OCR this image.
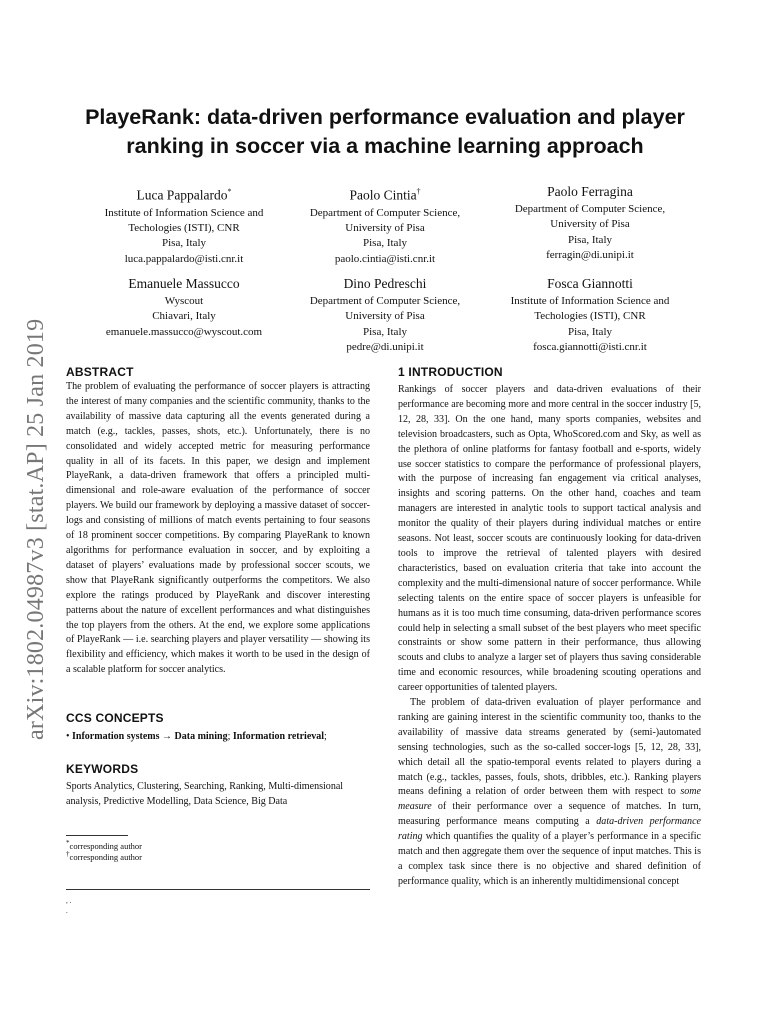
arXiv:1802.04987v3 [stat.AP] 25 Jan 2019
PlayeRank: data-driven performance evaluation and player
ranking in soccer via a machine learning approach
Luca Pappalardo*
Institute of Information Science and
Techologies (ISTI), CNR
Pisa, Italy
luca.pappalardo@isti.cnr.it
Paolo Cintia†
Department of Computer Science,
University of Pisa
Pisa, Italy
paolo.cintia@isti.cnr.it
Paolo Ferragina
Department of Computer Science,
University of Pisa
Pisa, Italy
ferragin@di.unipi.it
Emanuele Massucco
Wyscout
Chiavari, Italy
emanuele.massucco@wyscout.com
Dino Pedreschi
Department of Computer Science,
University of Pisa
Pisa, Italy
pedre@di.unipi.it
Fosca Giannotti
Institute of Information Science and
Techologies (ISTI), CNR
Pisa, Italy
fosca.giannotti@isti.cnr.it
ABSTRACT

The problem of evaluating the performance of soccer players is attracting the interest of many companies and the scientific community, thanks to the availability of massive data capturing all the events generated during a match (e.g., tackles, passes, shots, etc.). Unfortunately, there is no consolidated and widely accepted metric for measuring performance quality in all of its facets. In this paper, we design and implement PlayeRank, a data-driven framework that offers a principled multi-dimensional and role-aware evaluation of the performance of soccer players. We build our framework by deploying a massive dataset of soccer-logs and consisting of millions of match events pertaining to four seasons of 18 prominent soccer competitions. By comparing PlayeRank to known algorithms for performance evaluation in soccer, and by exploiting a dataset of players’ evaluations made by professional soccer scouts, we show that PlayeRank significantly outperforms the competitors. We also explore the ratings produced by PlayeRank and discover interesting patterns about the nature of excellent performances and what distinguishes the top players from the others. At the end, we explore some applications of PlayeRank — i.e. searching players and player versatility — showing its flexibility and efficiency, which makes it worth to be used in the design of a scalable platform for soccer analytics.

CCS CONCEPTS
• Information systems → Data mining; Information retrieval;
KEYWORDS

Sports Analytics, Clustering, Searching, Ranking, Multi-dimensional analysis, Predictive Modelling, Data Science, Big Data

*corresponding author
†corresponding author
, .
.
1 INTRODUCTION

Rankings of soccer players and data-driven evaluations of their performance are becoming more and more central in the soccer industry [5, 12, 28, 33]. On the one hand, many sports companies, websites and television broadcasters, such as Opta, WhoScored.com and Sky, as well as the plethora of online platforms for fantasy football and e-sports, widely use soccer statistics to compare the performance of professional players, with the purpose of increasing fan engagement via critical analyses, insights and scoring patterns. On the other hand, coaches and team managers are interested in analytic tools to support tactical analysis and monitor the quality of their players during individual matches or entire seasons. Not least, soccer scouts are continuously looking for data-driven tools to improve the retrieval of talented players with desired characteristics, based on evaluation criteria that take into account the complexity and the multi-dimensional nature of soccer performance. While selecting talents on the entire space of soccer players is unfeasible for humans as it is too much time consuming, data-driven performance scores could help in selecting a small subset of the best players who meet specific constraints or show some pattern in their performance, thus allowing scouts and clubs to analyze a larger set of players thus saving considerable time and economic resources, while broadening scouting operations and career opportunities of talented players.

The problem of data-driven evaluation of player performance and ranking are gaining interest in the scientific community too, thanks to the availability of massive data streams generated by (semi-)automated sensing technologies, such as the so-called soccer-logs [5, 12, 28, 33], which detail all the spatio-temporal events related to players during a match (e.g., tackles, passes, fouls, shots, dribbles, etc.). Ranking players means defining a relation of order between them with respect to some measure of their performance over a sequence of matches. In turn, measuring performance means computing a data-driven performance rating which quantifies the quality of a player’s performance in a specific match and then aggregate them over the sequence of input matches. This is a complex task since there is no objective and shared definition of performance quality, which is an inherently multidimensional concept
